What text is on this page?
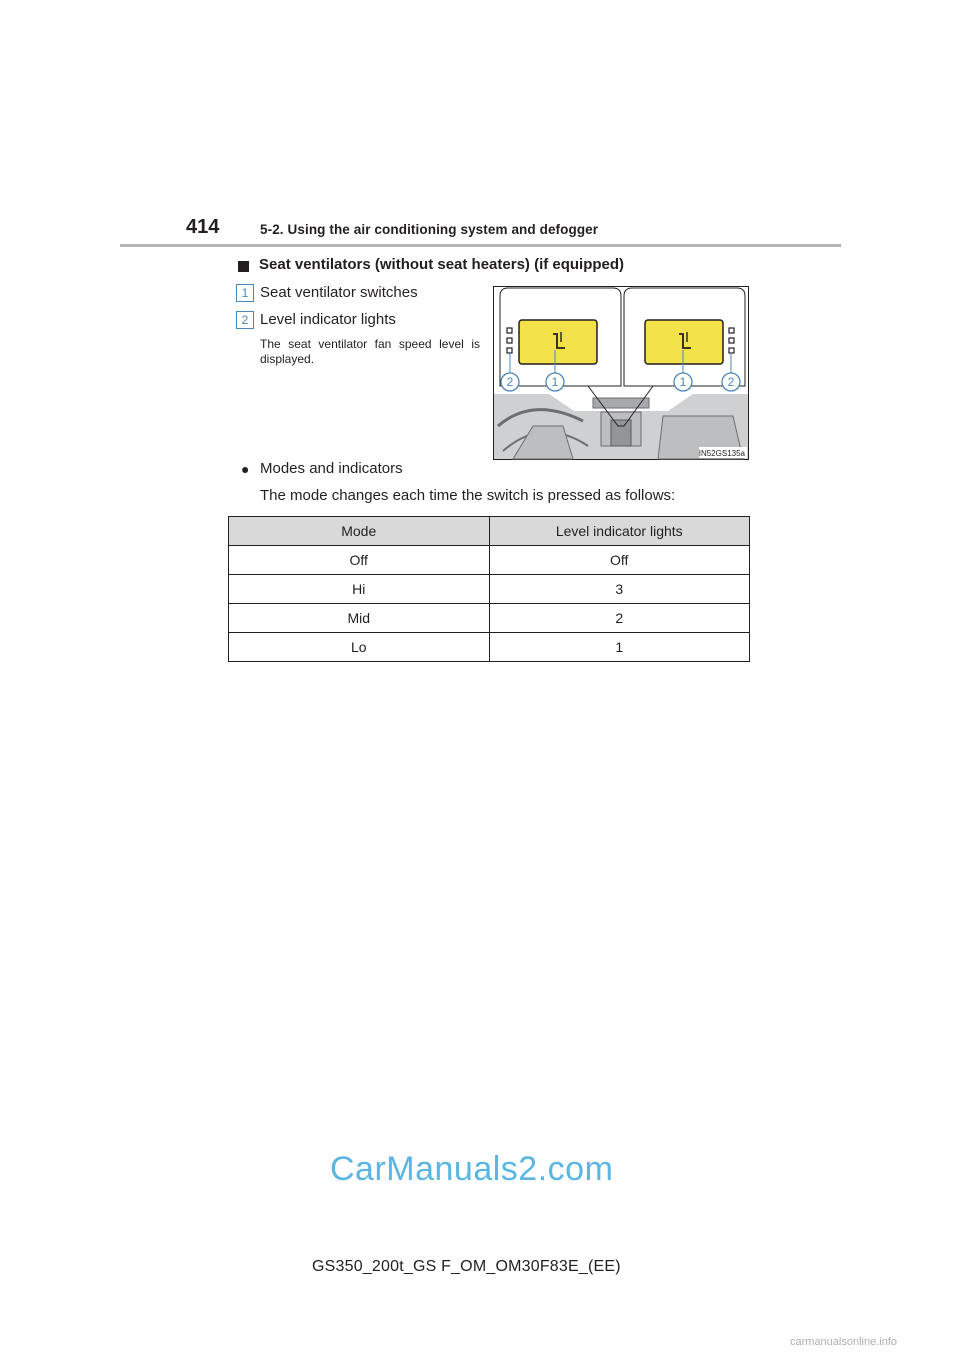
414	5-2. Using the air conditioning system and defogger
Seat ventilators (without seat heaters) (if equipped)
1 Seat ventilator switches
2 Level indicator lights
The seat ventilator fan speed level is displayed.
2	1	1	2
IN52GS135a
● Modes and indicators
The mode changes each time the switch is pressed as follows:
Mode	Level indicator lights
Off	Off
Hi	3
Mid	2
Lo	1
CarManuals2.com
GS350_200t_GS F_OM_OM30F83E_(EE)
carmanualsonline.info
